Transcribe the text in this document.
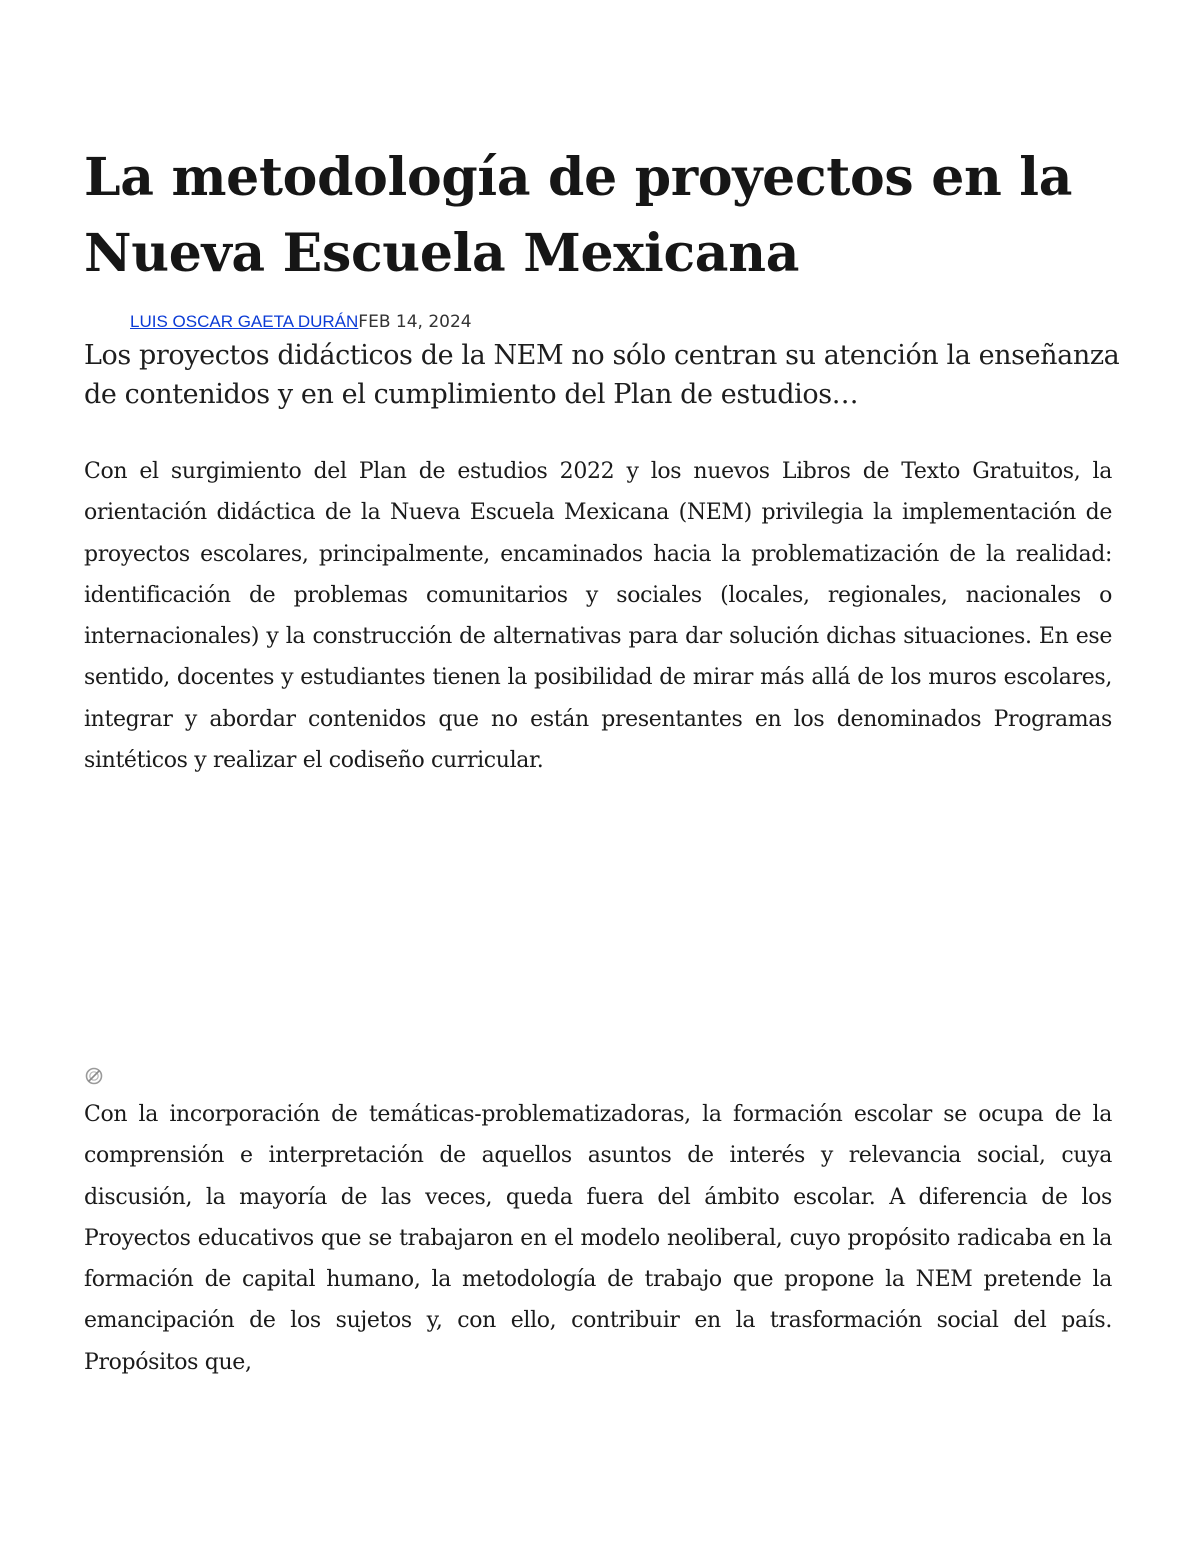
La metodología de proyectos en la Nueva Escuela Mexicana
LUIS OSCAR GAETA DURÁNFEB 14, 2024

Los proyectos didácticos de la NEM no sólo centran su atención la enseñanza de contenidos y en el cumplimiento del Plan de estudios…

Con el surgimiento del Plan de estudios 2022 y los nuevos Libros de Texto Gratuitos, la orientación didáctica de la Nueva Escuela Mexicana (NEM) privilegia la implementación de proyectos escolares, principalmente, encaminados hacia la problematización de la realidad: identificación de problemas comunitarios y sociales (locales, regionales, nacionales o internacionales) y la construcción de alternativas para dar solución dichas situaciones. En ese sentido, docentes y estudiantes tienen la posibilidad de mirar más allá de los muros escolares, integrar y abordar contenidos que no están presentantes en los denominados Programas sintéticos y realizar el codiseño curricular.

Con la incorporación de temáticas-problematizadoras, la formación escolar se ocupa de la comprensión e interpretación de aquellos asuntos de interés y relevancia social, cuya discusión, la mayoría de las veces, queda fuera del ámbito escolar. A diferencia de los Proyectos educativos que se trabajaron en el modelo neoliberal, cuyo propósito radicaba en la formación de capital humano, la metodología de trabajo que propone la NEM pretende la emancipación de los sujetos y, con ello, contribuir en la trasformación social del país. Propósitos que,
